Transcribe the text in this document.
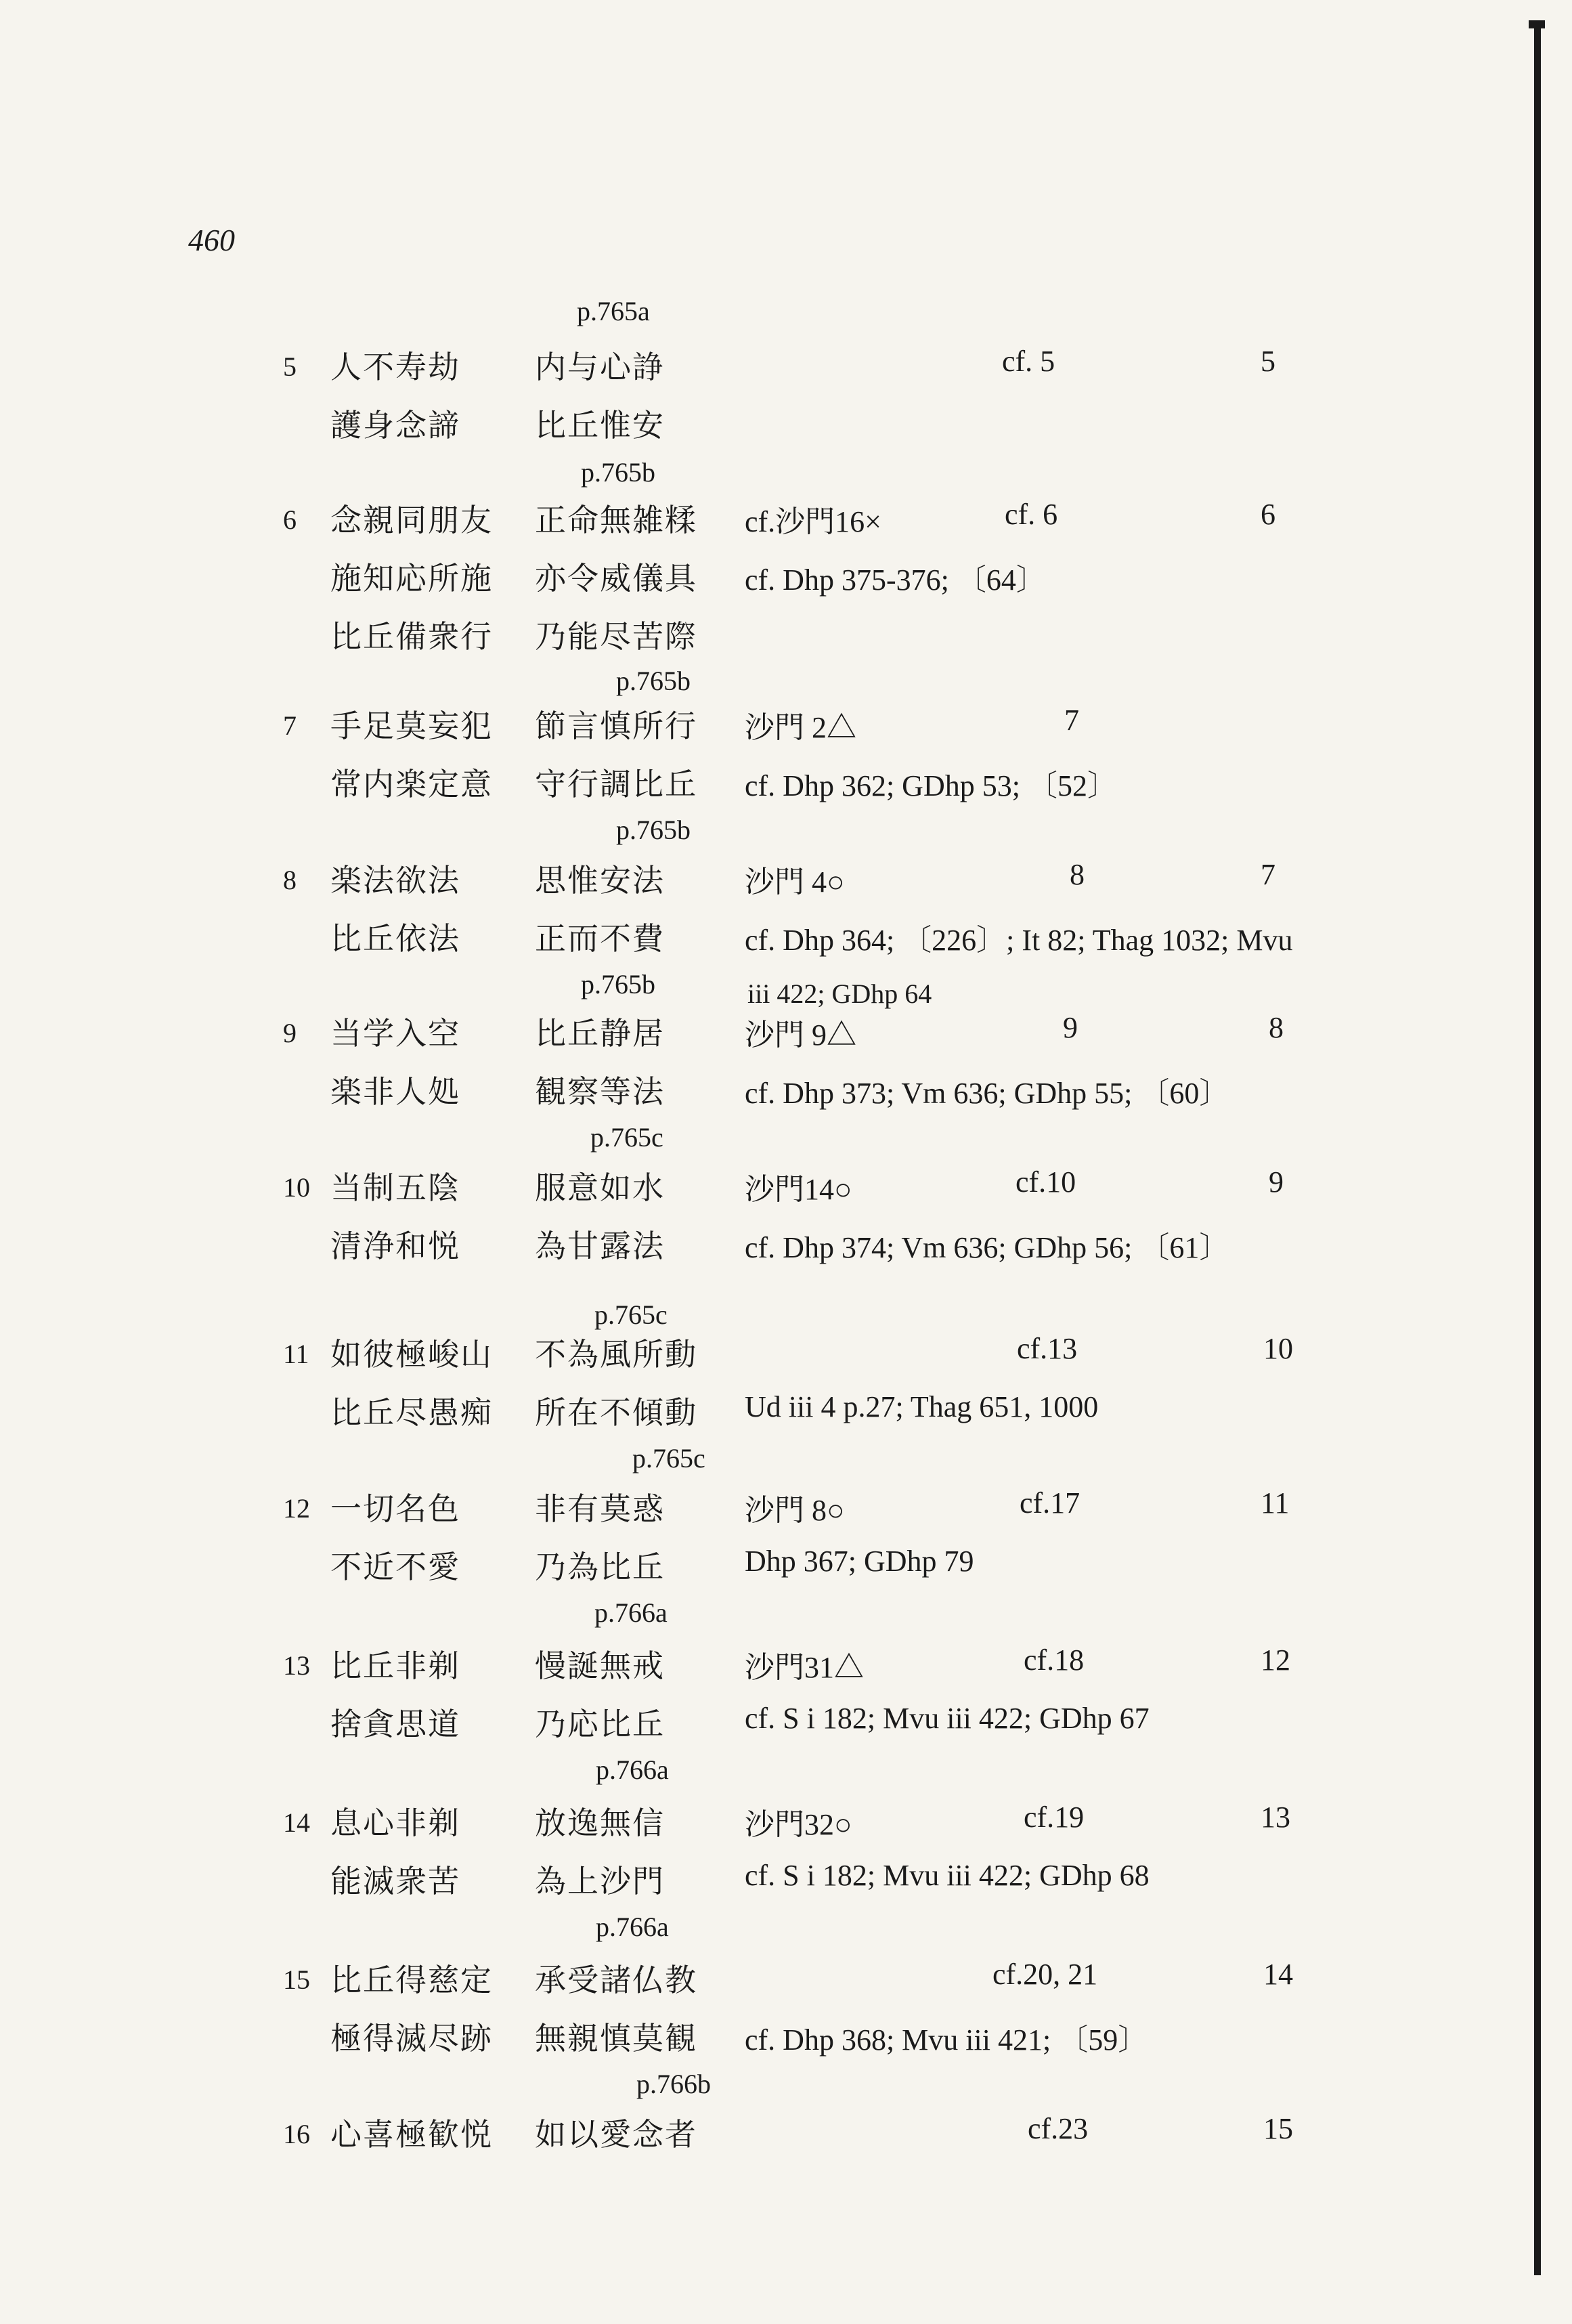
460
p.765a
5 人不寿劫 内与心諍	cf. 5	5
護身念諦 比丘惟安
p.765b
6 念親同朋友 正命無雑糅 cf.沙門16×	cf. 6	6
施知応所施 亦令威儀具 cf. Dhp 375-376; 〔64〕
比丘備衆行 乃能尽苦際
p.765b
7 手足莫妄犯 節言慎所行 沙門 2△	7
常内楽定意 守行調比丘 cf. Dhp 362; GDhp 53; 〔52〕
p.765b
8 楽法欲法 思惟安法	沙門 4○	8	7
比丘依法 正而不費	cf. Dhp 364; 〔226〕; It 82; Thag 1032; Mvu
iii 422; GDhp 64
p.765b
9 当学入空 比丘静居	沙門 9△	9	8
楽非人処 観察等法	cf. Dhp 373; Vm 636; GDhp 55; 〔60〕
p.765c
10 当制五陰 服意如水	沙門14○	cf.10	9
清浄和悦 為甘露法	cf. Dhp 374; Vm 636; GDhp 56; 〔61〕
p.765c
11 如彼極峻山 不為風所動	cf.13	10
比丘尽愚痴 所在不傾動 Ud iii 4 p.27; Thag 651, 1000
p.765c
12 一切名色 非有莫惑	沙門 8○	cf.17	11
不近不愛 乃為比丘	Dhp 367; GDhp 79
p.766a
13 比丘非剃 慢誕無戒	沙門31△	cf.18	12
捨貪思道 乃応比丘	cf. S i 182; Mvu iii 422; GDhp 67
p.766a
14 息心非剃 放逸無信	沙門32○	cf.19	13
能滅衆苦 為上沙門	cf. S i 182; Mvu iii 422; GDhp 68
p.766a
15 比丘得慈定 承受諸仏教	cf.20, 21	14
極得滅尽跡 無親慎莫観 cf. Dhp 368; Mvu iii 421; 〔59〕
p.766b
16 心喜極歓悦 如以愛念者	cf.23	15
